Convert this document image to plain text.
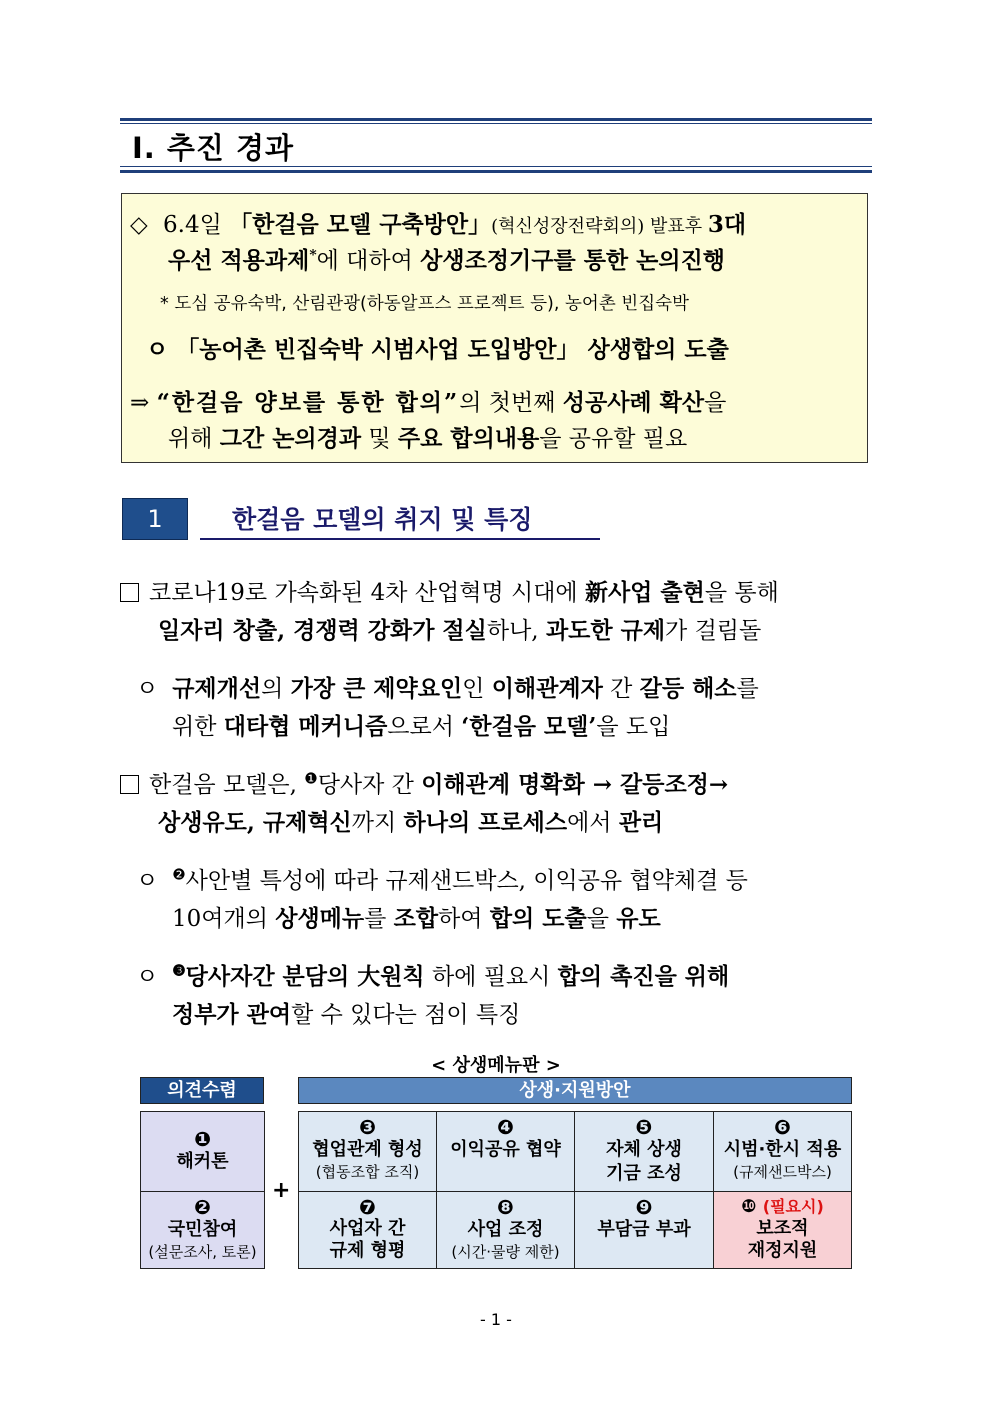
Ⅰ. 추진 경과
◇ 6.4일 「한걸음 모델 구축방안」(혁신성장전략회의) 발표후 3대
우선 적용과제*에 대하여 상생조정기구를 통한 논의진행
* 도심 공유숙박, 산림관광(하동알프스 프로젝트 등), 농어촌 빈집숙박
ㅇ 「농어촌 빈집숙박 시범사업 도입방안」 상생합의 도출
⇒ “한걸음 양보를 통한 합의”의 첫번째 성공사례 확산을
위해 그간 논의경과 및 주요 합의내용을 공유할 필요
1	한걸음 모델의 취지 및 특징
코로나19로 가속화된 4차 산업혁명 시대에 新사업 출현을 통해
일자리 창출, 경쟁력 강화가 절실하나, 과도한 규제가 걸림돌
ㅇ 규제개선의 가장 큰 제약요인인 이해관계자 간 갈등 해소를
위한 대타협 메커니즘으로서 ‘한걸음 모델’을 도입
한걸음 모델은, $^❶$당사자 간 이해관계 명확화 → 갈등조정→
상생유도, 규제혁신까지 하나의 프로세스에서 관리
ㅇ $^❷$사안별 특성에 따라 규제샌드박스, 이익공유 협약체결 등
10여개의 상생메뉴를 조합하여 합의 도출을 유도
ㅇ $^❸$당사자간 분담의 大원칙 하에 필요시 합의 촉진을 위해
정부가 관여할 수 있다는 점이 특징
< 상생메뉴판 >
의견수렴	상생·지원방안
+
❶
해커톤
❷
국민참여
(설문조사, 토론)
❸
협업관계 형성
(협동조합 조직)
❹
이익공유 협약
❺
자체 상생
기금 조성
❻
시범·한시 적용
(규제샌드박스)
❼
사업자 간
규제 형평
❽
사업 조정
(시간·물량 제한)
❾
부담금 부과
❿ (필요시)
보조적
재정지원
- 1 -
